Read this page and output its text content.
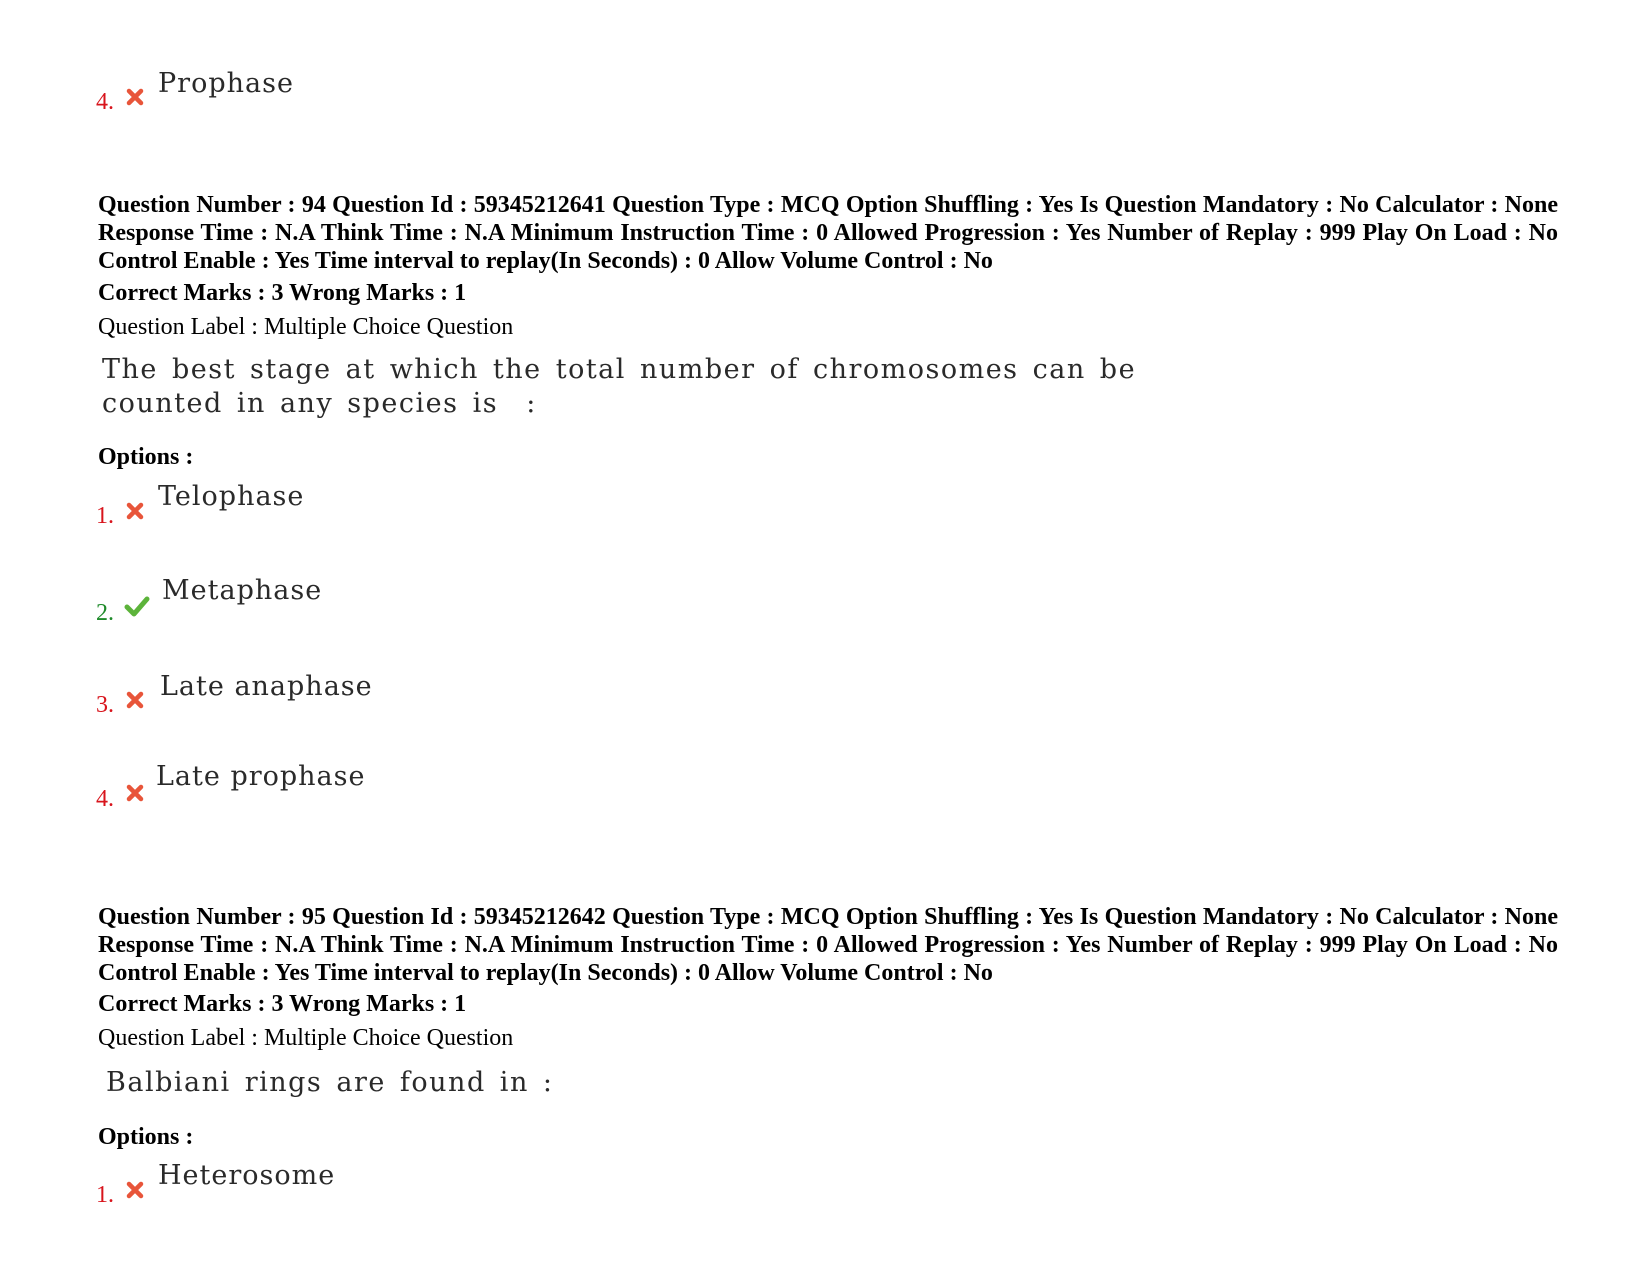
4.
Prophase
Question Number : 94 Question Id : 59345212641 Question Type : MCQ Option Shuffling : Yes Is Question Mandatory : No Calculator : None Response Time : N.A Think Time : N.A Minimum Instruction Time : 0 Allowed Progression : Yes Number of Replay : 999 Play On Load : No Control Enable : Yes Time interval to replay(In Seconds) : 0 Allow Volume Control : No
Correct Marks : 3 Wrong Marks : 1
Question Label : Multiple Choice Question
The best stage at which the total number of chromosomes can be
counted in any species is  :
Options :
1.
Telophase
2.
Metaphase
3.
Late anaphase
4.
Late prophase
Question Number : 95 Question Id : 59345212642 Question Type : MCQ Option Shuffling : Yes Is Question Mandatory : No Calculator : None Response Time : N.A Think Time : N.A Minimum Instruction Time : 0 Allowed Progression : Yes Number of Replay : 999 Play On Load : No Control Enable : Yes Time interval to replay(In Seconds) : 0 Allow Volume Control : No
Correct Marks : 3 Wrong Marks : 1
Question Label : Multiple Choice Question
Balbiani rings are found in :
Options :
1.
Heterosome
